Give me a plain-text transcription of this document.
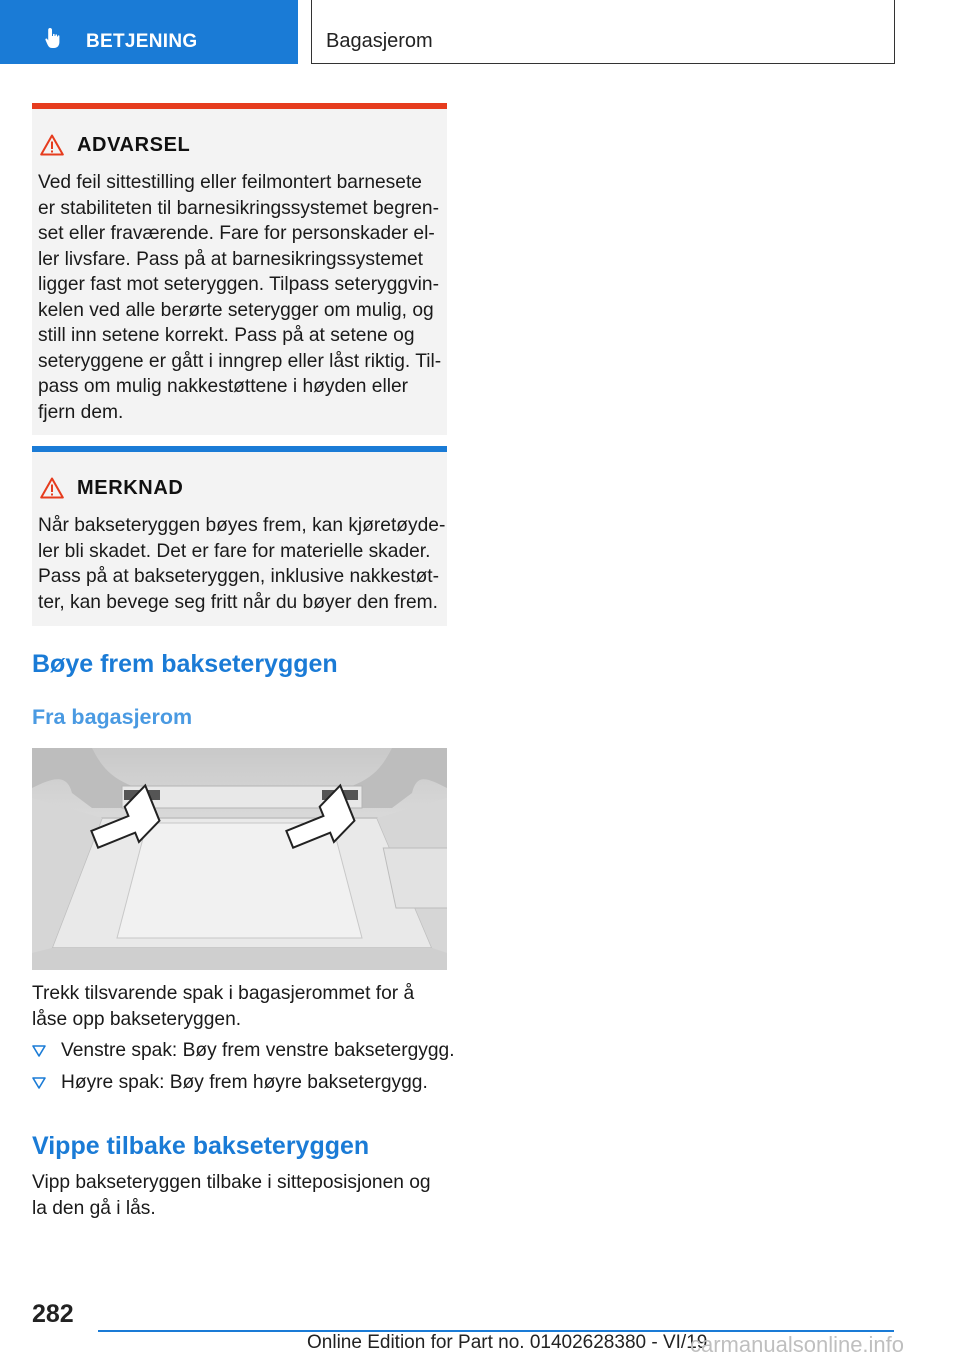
BETJENING	Bagasjerom
ADVARSEL

Ved feil sittestilling eller feilmontert barnesete
er stabiliteten til barnesikringssystemet begren-
set eller fraværende. Fare for personskader el-
ler livsfare. Pass på at barnesikringssystemet
ligger fast mot seteryggen. Tilpass seteryggvin-
kelen ved alle berørte seterygger om mulig, og
still inn setene korrekt. Pass på at setene og
seteryggene er gått i inngrep eller låst riktig. Til-
pass om mulig nakkestøttene i høyden eller
fjern dem.

MERKNAD

Når bakseteryggen bøyes frem, kan kjøretøyde-
ler bli skadet. Det er fare for materielle skader.
Pass på at bakseteryggen, inklusive nakkestøt-
ter, kan bevege seg fritt når du bøyer den frem.

Bøye frem bakseteryggen
Fra bagasjerom

Trekk tilsvarende spak i bagasjerommet for å
låse opp bakseteryggen.

Venstre spak: Bøy frem venstre baksetergygg.
Høyre spak: Bøy frem høyre baksetergygg.
Vippe tilbake bakseteryggen

Vipp bakseteryggen tilbake i sitteposisjonen og
la den gå i lås.

282
Online Edition for Part no. 01402628380 - VI/19
carmanualsonline.info
